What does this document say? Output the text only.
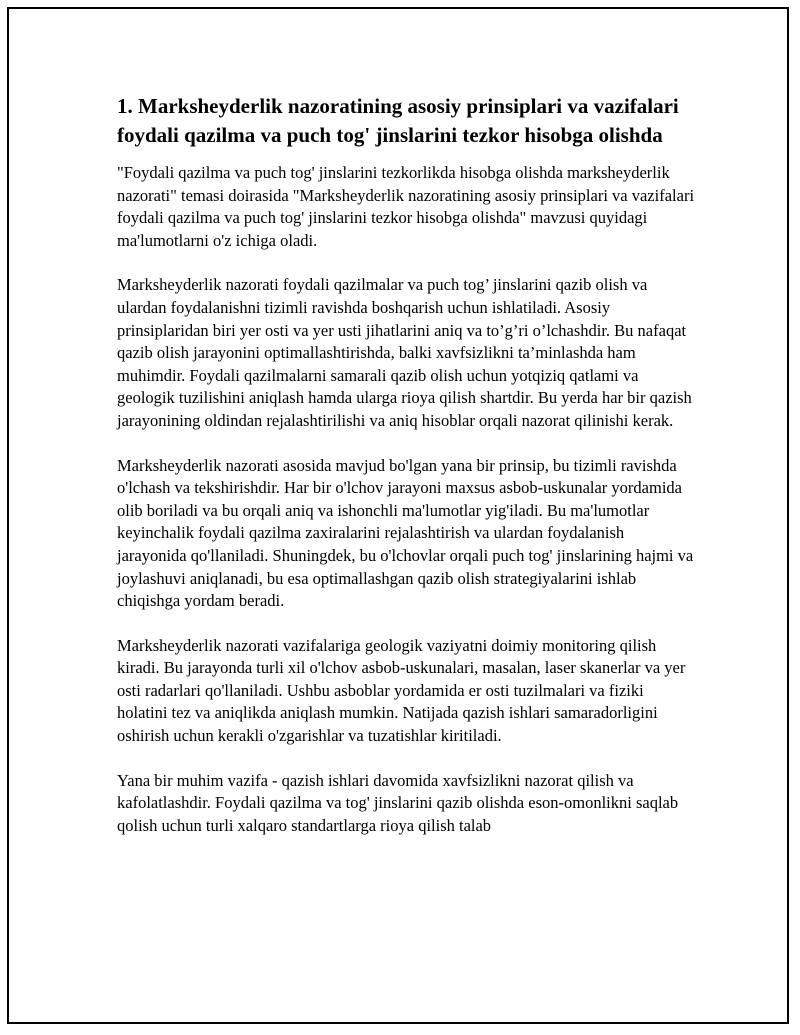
1. Marksheyderlik nazoratining asosiy prinsiplari va vazifalari foydali qazilma va puch tog' jinslarini tezkor hisobga olishda

"Foydali qazilma va puch tog' jinslarini tezkorlikda hisobga olishda marksheyderlik nazorati" temasi doirasida "Marksheyderlik nazoratining asosiy prinsiplari va vazifalari foydali qazilma va puch tog' jinslarini tezkor hisobga olishda" mavzusi quyidagi ma'lumotlarni o'z ichiga oladi.

Marksheyderlik nazorati foydali qazilmalar va puch tog’ jinslarini qazib olish va ulardan foydalanishni tizimli ravishda boshqarish uchun ishlatiladi. Asosiy prinsiplaridan biri yer osti va yer usti jihatlarini aniq va to’g’ri o’lchashdir. Bu nafaqat qazib olish jarayonini optimallashtirishda, balki xavfsizlikni ta’minlashda ham muhimdir. Foydali qazilmalarni samarali qazib olish uchun yotqiziq qatlami va geologik tuzilishini aniqlash hamda ularga rioya qilish shartdir. Bu yerda har bir qazish jarayonining oldindan rejalashtirilishi va aniq hisoblar orqali nazorat qilinishi kerak.

Marksheyderlik nazorati asosida mavjud bo'lgan yana bir prinsip, bu tizimli ravishda o'lchash va tekshirishdir. Har bir o'lchov jarayoni maxsus asbob-uskunalar yordamida olib boriladi va bu orqali aniq va ishonchli ma'lumotlar yig'iladi. Bu ma'lumotlar keyinchalik foydali qazilma zaxiralarini rejalashtirish va ulardan foydalanish jarayonida qo'llaniladi. Shuningdek, bu o'lchovlar orqali puch tog' jinslarining hajmi va joylashuvi aniqlanadi, bu esa optimallashgan qazib olish strategiyalarini ishlab chiqishga yordam beradi.

Marksheyderlik nazorati vazifalariga geologik vaziyatni doimiy monitoring qilish kiradi. Bu jarayonda turli xil o'lchov asbob-uskunalari, masalan, laser skanerlar va yer osti radarlari qo'llaniladi. Ushbu asboblar yordamida er osti tuzilmalari va fiziki holatini tez va aniqlikda aniqlash mumkin. Natijada qazish ishlari samaradorligini oshirish uchun kerakli o'zgarishlar va tuzatishlar kiritiladi.

Yana bir muhim vazifa - qazish ishlari davomida xavfsizlikni nazorat qilish va kafolatlashdir. Foydali qazilma va tog' jinslarini qazib olishda eson-omonlikni saqlab qolish uchun turli xalqaro standartlarga rioya qilish talab
